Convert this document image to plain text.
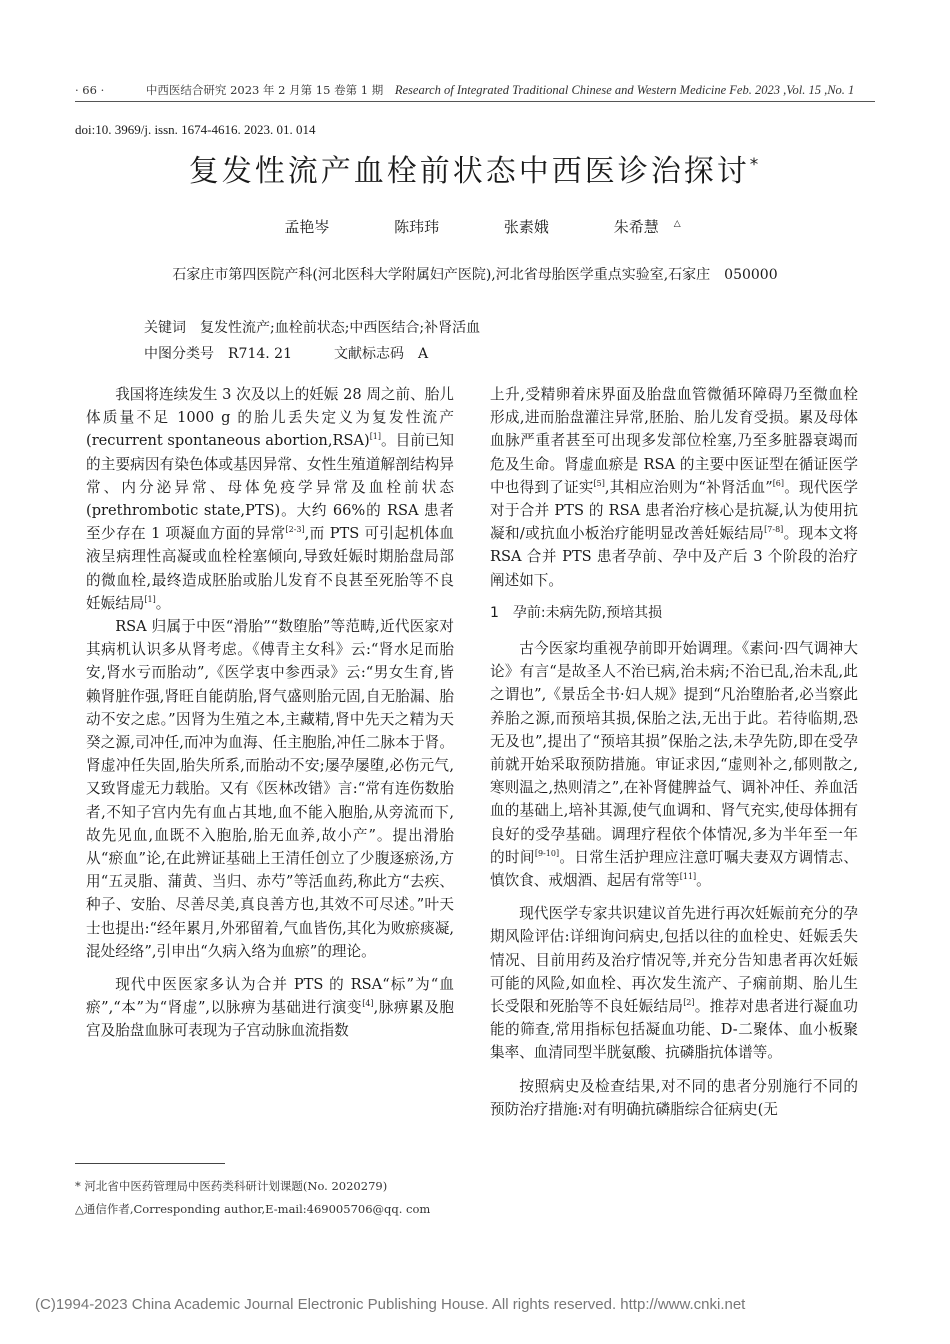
· 66 ·	中西医结合研究 2023 年 2 月第 15 卷第 1 期 Research of Integrated Traditional Chinese and Western Medicine Feb. 2023 ,Vol. 15 ,No. 1
doi:10. 3969/j. issn. 1674-4616. 2023. 01. 014
复发性流产血栓前状态中西医诊治探讨*
孟艳岑	陈玮玮	张素娥	朱希慧 △
石家庄市第四医院产科(河北医科大学附属妇产医院),河北省母胎医学重点实验室,石家庄　050000
关键词　复发性流产;血栓前状态;中西医结合;补肾活血
中图分类号　R714. 21　　　文献标志码　A

我国将连续发生 3 次及以上的妊娠 28 周之前、胎儿体质量不足 1000 g 的胎儿丢失定义为复发性流产(recurrent spontaneous abortion,RSA)[1]。目前已知的主要病因有染色体或基因异常、女性生殖道解剖结构异常、内分泌异常、母体免疫学异常及血栓前状态(prethrombotic state,PTS)。大约 66%的 RSA 患者至少存在 1 项凝血方面的异常[2-3],而 PTS 可引起机体血液呈病理性高凝或血栓栓塞倾向,导致妊娠时期胎盘局部的微血栓,最终造成胚胎或胎儿发育不良甚至死胎等不良妊娠结局[1]。

RSA 归属于中医“滑胎”“数堕胎”等范畴,近代医家对其病机认识多从肾考虑。《傅青主女科》云:“肾水足而胎安,肾水亏而胎动”,《医学衷中参西录》云:“男女生育,皆赖肾脏作强,肾旺自能荫胎,肾气盛则胎元固,自无胎漏、胎动不安之虑。”因肾为生殖之本,主藏精,肾中先天之精为天癸之源,司冲任,而冲为血海、任主胞胎,冲任二脉本于肾。肾虚冲任失固,胎失所系,而胎动不安;屡孕屡堕,必伤元气,又致肾虚无力载胎。又有《医林改错》言:“常有连伤数胎者,不知子宫内先有血占其地,血不能入胞胎,从旁流而下,故先见血,血既不入胞胎,胎无血养,故小产”。提出滑胎从“瘀血”论,在此辨证基础上王清任创立了少腹逐瘀汤,方用“五灵脂、蒲黄、当归、赤芍”等活血药,称此方“去疾、种子、安胎、尽善尽美,真良善方也,其效不可尽述。”叶天士也提出:“经年累月,外邪留着,气血皆伤,其化为败瘀痰凝,混处经络”,引申出“久病入络为血瘀”的理论。

现代中医医家多认为合并 PTS 的 RSA“标”为“血瘀”,“本”为“肾虚”,以脉痹为基础进行演变[4],脉痹累及胞宫及胎盘血脉可表现为子宫动脉血流指数

上升,受精卵着床界面及胎盘血管微循环障碍乃至微血栓形成,进而胎盘灌注异常,胚胎、胎儿发育受损。累及母体血脉严重者甚至可出现多发部位栓塞,乃至多脏器衰竭而危及生命。肾虚血瘀是 RSA 的主要中医证型在循证医学中也得到了证实[5],其相应治则为“补肾活血”[6]。现代医学对于合并 PTS 的 RSA 患者治疗核心是抗凝,认为使用抗凝和/或抗血小板治疗能明显改善妊娠结局[7-8]。现本文将 RSA 合并 PTS 患者孕前、孕中及产后 3 个阶段的治疗阐述如下。

1　孕前:未病先防,预培其损

古今医家均重视孕前即开始调理。《素问·四气调神大论》有言“是故圣人不治已病,治未病;不治已乱,治未乱,此之谓也”,《景岳全书·妇人规》提到“凡治堕胎者,必当察此养胎之源,而预培其损,保胎之法,无出于此。若待临期,恐无及也”,提出了“预培其损”保胎之法,未孕先防,即在受孕前就开始采取预防措施。审证求因,“虚则补之,郁则散之,寒则温之,热则清之”,在补肾健脾益气、调补冲任、养血活血的基础上,培补其源,使气血调和、肾气充实,使母体拥有良好的受孕基础。调理疗程依个体情况,多为半年至一年的时间[9-10]。日常生活护理应注意叮嘱夫妻双方调情志、慎饮食、戒烟酒、起居有常等[11]。

现代医学专家共识建议首先进行再次妊娠前充分的孕期风险评估:详细询问病史,包括以往的血栓史、妊娠丢失情况、目前用药及治疗情况等,并充分告知患者再次妊娠可能的风险,如血栓、再次发生流产、子痫前期、胎儿生长受限和死胎等不良妊娠结局[2]。推荐对患者进行凝血功能的筛查,常用指标包括凝血功能、D-二聚体、血小板聚集率、血清同型半胱氨酸、抗磷脂抗体谱等。

按照病史及检查结果,对不同的患者分别施行不同的预防治疗措施:对有明确抗磷脂综合征病史(无

* 河北省中医药管理局中医药类科研计划课题(No. 2020279)
△通信作者,Corresponding author,E-mail:469005706@qq. com
(C)1994-2023 China Academic Journal Electronic Publishing House. All rights reserved. http://www.cnki.net
